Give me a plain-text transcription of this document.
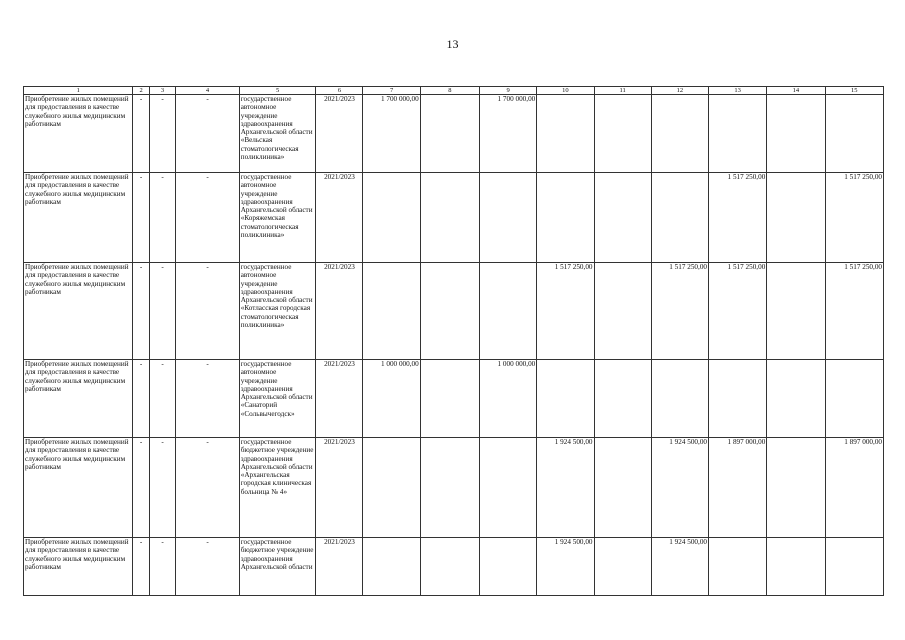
13
1	2	3	4	5	6	7	8	9	10	11	12	13	14	15
Приобретение жилых помещений для предоставления в качестве служебного жилья медицинским работникам	-	-	-	государственное автономное учреждение здравоохранения Архангельской области «Вельская стоматологическая поликлиника»	2021/2023	1 700 000,00		1 700 000,00						
Приобретение жилых помещений для предоставления в качестве служебного жилья медицинским работникам	-	-	-	государственное автономное учреждение здравоохранения Архангельской области «Коряжемская стоматологическая поликлиника»	2021/2023							1 517 250,00		1 517 250,00
Приобретение жилых помещений для предоставления в качестве служебного жилья медицинским работникам	-	-	-	государственное автономное учреждение здравоохранения Архангельской области «Котласская городская стоматологическая поликлиника»	2021/2023				1 517 250,00		1 517 250,00	1 517 250,00		1 517 250,00
Приобретение жилых помещений для предоставления в качестве служебного жилья медицинским работникам	-	-	-	государственное автономное учреждение здравоохранения Архангельской области «Санаторий «Сольвычегодск»	2021/2023	1 000 000,00		1 000 000,00						
Приобретение жилых помещений для предоставления в качестве служебного жилья медицинским работникам	-	-	-	государственное бюджетное учреждение здравоохранения Архангельской области «Архангельская городская клиническая больница № 4»	2021/2023				1 924 500,00		1 924 500,00	1 897 000,00		1 897 000,00
Приобретение жилых помещений для предоставления в качестве служебного жилья медицинским работникам	-	-	-	государственное бюджетное учреждение здравоохранения Архангельской области	2021/2023				1 924 500,00		1 924 500,00			
